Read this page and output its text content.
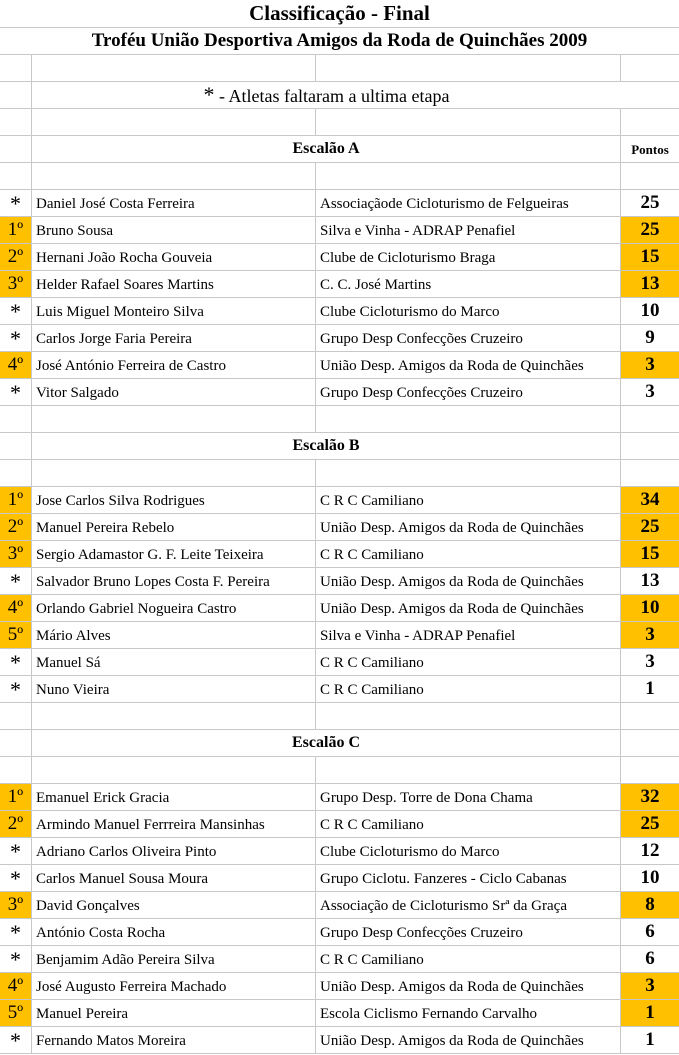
Classificação - Final
Troféu União Desportiva Amigos da Roda de Quinchães 2009
* - Atletas faltaram a ultima etapa
Escalão A	Pontos
*	Daniel José Costa Ferreira	Associaçãode Cicloturismo de Felgueiras	25
1º Bruno Sousa	Silva e Vinha - ADRAP Penafiel	25
2º Hernani João Rocha Gouveia	Clube de Cicloturismo Braga	15
3º Helder Rafael Soares Martins	C. C. José Martins	13
*	Luis Miguel Monteiro Silva	Clube Cicloturismo do Marco	10
*	Carlos Jorge Faria Pereira	Grupo Desp Confecções Cruzeiro	9
4º José António Ferreira de Castro	União Desp. Amigos da Roda de Quinchães	3
*	Vitor Salgado	Grupo Desp Confecções Cruzeiro	3
Escalão B
1º Jose Carlos Silva Rodrigues	C R C Camiliano	34
2º Manuel Pereira Rebelo	União Desp. Amigos da Roda de Quinchães	25
3º Sergio Adamastor G. F. Leite Teixeira	C R C Camiliano	15
*	Salvador Bruno Lopes Costa F. Pereira	União Desp. Amigos da Roda de Quinchães	13
4º Orlando Gabriel Nogueira Castro	União Desp. Amigos da Roda de Quinchães	10
5º Mário Alves	Silva e Vinha - ADRAP Penafiel	3
*	Manuel Sá	C R C Camiliano	3
*	Nuno Vieira	C R C Camiliano	1
Escalão C
1º Emanuel Erick Gracia	Grupo Desp. Torre de Dona Chama	32
2º Armindo Manuel Ferrreira Mansinhas	C R C Camiliano	25
*	Adriano Carlos Oliveira Pinto	Clube Cicloturismo do Marco	12
*	Carlos Manuel Sousa Moura	Grupo Ciclotu. Fanzeres - Ciclo Cabanas	10
3º David Gonçalves	Associação de Cicloturismo Srª da Graça	8
*	António Costa Rocha	Grupo Desp Confecções Cruzeiro	6
*	Benjamim Adão Pereira Silva	C R C Camiliano	6
4º José Augusto Ferreira Machado	União Desp. Amigos da Roda de Quinchães	3
5º Manuel Pereira	Escola Ciclismo Fernando Carvalho	1
*	Fernando Matos Moreira	União Desp. Amigos da Roda de Quinchães	1
